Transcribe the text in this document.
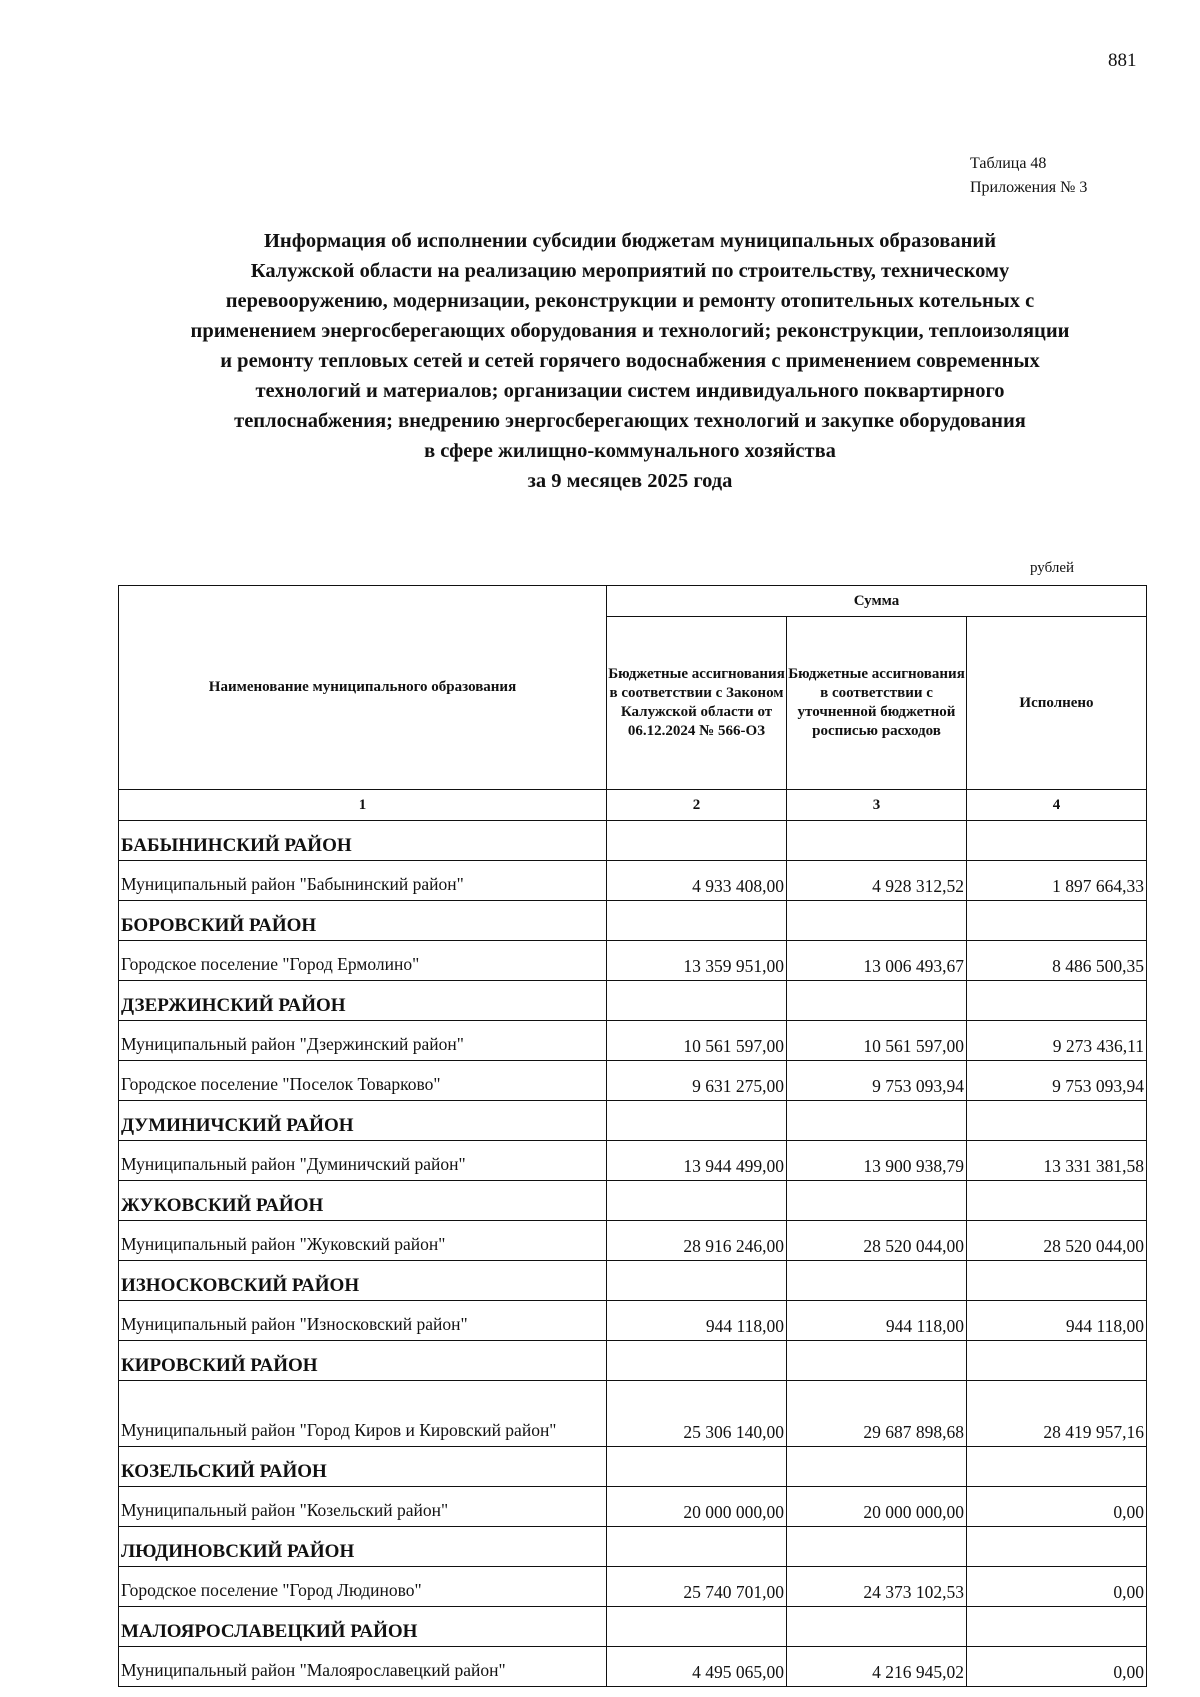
881
Таблица 48
Приложения № 3
Информация об исполнении субсидии бюджетам муниципальных образований
Калужской области на реализацию мероприятий по строительству, техническому
перевооружению, модернизации, реконструкции и ремонту отопительных котельных с
применением энергосберегающих оборудования и технологий; реконструкции, теплоизоляции
и ремонту тепловых сетей и сетей горячего водоснабжения с применением современных
технологий и материалов; организации систем индивидуального поквартирного
теплоснабжения; внедрению энергосберегающих технологий и закупке оборудования
в сфере жилищно-коммунального хозяйства
за 9 месяцев 2025 года
рублей
Наименование муниципального образования	Сумма		
	Бюджетные ассигнования в соответствии с Законом Калужской области от 06.12.2024 № 566-ОЗ	Бюджетные ассигнования в соответствии с уточненной бюджетной росписью расходов	Исполнено
1	2	3	4
БАБЫНИНСКИЙ РАЙОН			
Муниципальный район "Бабынинский район"	4 933 408,00	4 928 312,52	1 897 664,33
БОРОВСКИЙ РАЙОН			
Городское поселение "Город Ермолино"	13 359 951,00	13 006 493,67	8 486 500,35
ДЗЕРЖИНСКИЙ РАЙОН			
Муниципальный район "Дзержинский район"	10 561 597,00	10 561 597,00	9 273 436,11
Городское поселение "Поселок Товарково"	9 631 275,00	9 753 093,94	9 753 093,94
ДУМИНИЧСКИЙ РАЙОН			
Муниципальный район "Думиничский район"	13 944 499,00	13 900 938,79	13 331 381,58
ЖУКОВСКИЙ РАЙОН			
Муниципальный район "Жуковский район"	28 916 246,00	28 520 044,00	28 520 044,00
ИЗНОСКОВСКИЙ РАЙОН			
Муниципальный район "Износковский район"	944 118,00	944 118,00	944 118,00
КИРОВСКИЙ РАЙОН			
Муниципальный район "Город Киров и Кировский район"	25 306 140,00	29 687 898,68	28 419 957,16
КОЗЕЛЬСКИЙ РАЙОН			
Муниципальный район "Козельский район"	20 000 000,00	20 000 000,00	0,00
ЛЮДИНОВСКИЙ РАЙОН			
Городское поселение "Город Людиново"	25 740 701,00	24 373 102,53	0,00
МАЛОЯРОСЛАВЕЦКИЙ РАЙОН			
Муниципальный район "Малоярославецкий район"	4 495 065,00	4 216 945,02	0,00
